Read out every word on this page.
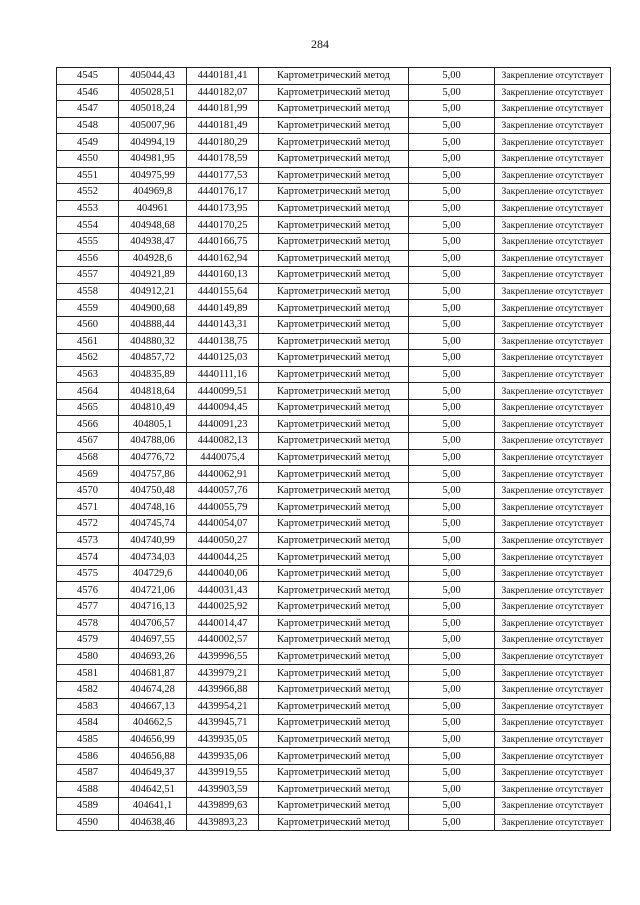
284
4545	405044,43	4440181,41	Картометрический метод	5,00	Закрепление отсутствует
4546	405028,51	4440182,07	Картометрический метод	5,00	Закрепление отсутствует
4547	405018,24	4440181,99	Картометрический метод	5,00	Закрепление отсутствует
4548	405007,96	4440181,49	Картометрический метод	5,00	Закрепление отсутствует
4549	404994,19	4440180,29	Картометрический метод	5,00	Закрепление отсутствует
4550	404981,95	4440178,59	Картометрический метод	5,00	Закрепление отсутствует
4551	404975,99	4440177,53	Картометрический метод	5,00	Закрепление отсутствует
4552	404969,8	4440176,17	Картометрический метод	5,00	Закрепление отсутствует
4553	404961	4440173,95	Картометрический метод	5,00	Закрепление отсутствует
4554	404948,68	4440170,25	Картометрический метод	5,00	Закрепление отсутствует
4555	404938,47	4440166,75	Картометрический метод	5,00	Закрепление отсутствует
4556	404928,6	4440162,94	Картометрический метод	5,00	Закрепление отсутствует
4557	404921,89	4440160,13	Картометрический метод	5,00	Закрепление отсутствует
4558	404912,21	4440155,64	Картометрический метод	5,00	Закрепление отсутствует
4559	404900,68	4440149,89	Картометрический метод	5,00	Закрепление отсутствует
4560	404888,44	4440143,31	Картометрический метод	5,00	Закрепление отсутствует
4561	404880,32	4440138,75	Картометрический метод	5,00	Закрепление отсутствует
4562	404857,72	4440125,03	Картометрический метод	5,00	Закрепление отсутствует
4563	404835,89	4440111,16	Картометрический метод	5,00	Закрепление отсутствует
4564	404818,64	4440099,51	Картометрический метод	5,00	Закрепление отсутствует
4565	404810,49	4440094,45	Картометрический метод	5,00	Закрепление отсутствует
4566	404805,1	4440091,23	Картометрический метод	5,00	Закрепление отсутствует
4567	404788,06	4440082,13	Картометрический метод	5,00	Закрепление отсутствует
4568	404776,72	4440075,4	Картометрический метод	5,00	Закрепление отсутствует
4569	404757,86	4440062,91	Картометрический метод	5,00	Закрепление отсутствует
4570	404750,48	4440057,76	Картометрический метод	5,00	Закрепление отсутствует
4571	404748,16	4440055,79	Картометрический метод	5,00	Закрепление отсутствует
4572	404745,74	4440054,07	Картометрический метод	5,00	Закрепление отсутствует
4573	404740,99	4440050,27	Картометрический метод	5,00	Закрепление отсутствует
4574	404734,03	4440044,25	Картометрический метод	5,00	Закрепление отсутствует
4575	404729,6	4440040,06	Картометрический метод	5,00	Закрепление отсутствует
4576	404721,06	4440031,43	Картометрический метод	5,00	Закрепление отсутствует
4577	404716,13	4440025,92	Картометрический метод	5,00	Закрепление отсутствует
4578	404706,57	4440014,47	Картометрический метод	5,00	Закрепление отсутствует
4579	404697,55	4440002,57	Картометрический метод	5,00	Закрепление отсутствует
4580	404693,26	4439996,55	Картометрический метод	5,00	Закрепление отсутствует
4581	404681,87	4439979,21	Картометрический метод	5,00	Закрепление отсутствует
4582	404674,28	4439966,88	Картометрический метод	5,00	Закрепление отсутствует
4583	404667,13	4439954,21	Картометрический метод	5,00	Закрепление отсутствует
4584	404662,5	4439945,71	Картометрический метод	5,00	Закрепление отсутствует
4585	404656,99	4439935,05	Картометрический метод	5,00	Закрепление отсутствует
4586	404656,88	4439935,06	Картометрический метод	5,00	Закрепление отсутствует
4587	404649,37	4439919,55	Картометрический метод	5,00	Закрепление отсутствует
4588	404642,51	4439903,59	Картометрический метод	5,00	Закрепление отсутствует
4589	404641,1	4439899,63	Картометрический метод	5,00	Закрепление отсутствует
4590	404638,46	4439893,23	Картометрический метод	5,00	Закрепление отсутствует
